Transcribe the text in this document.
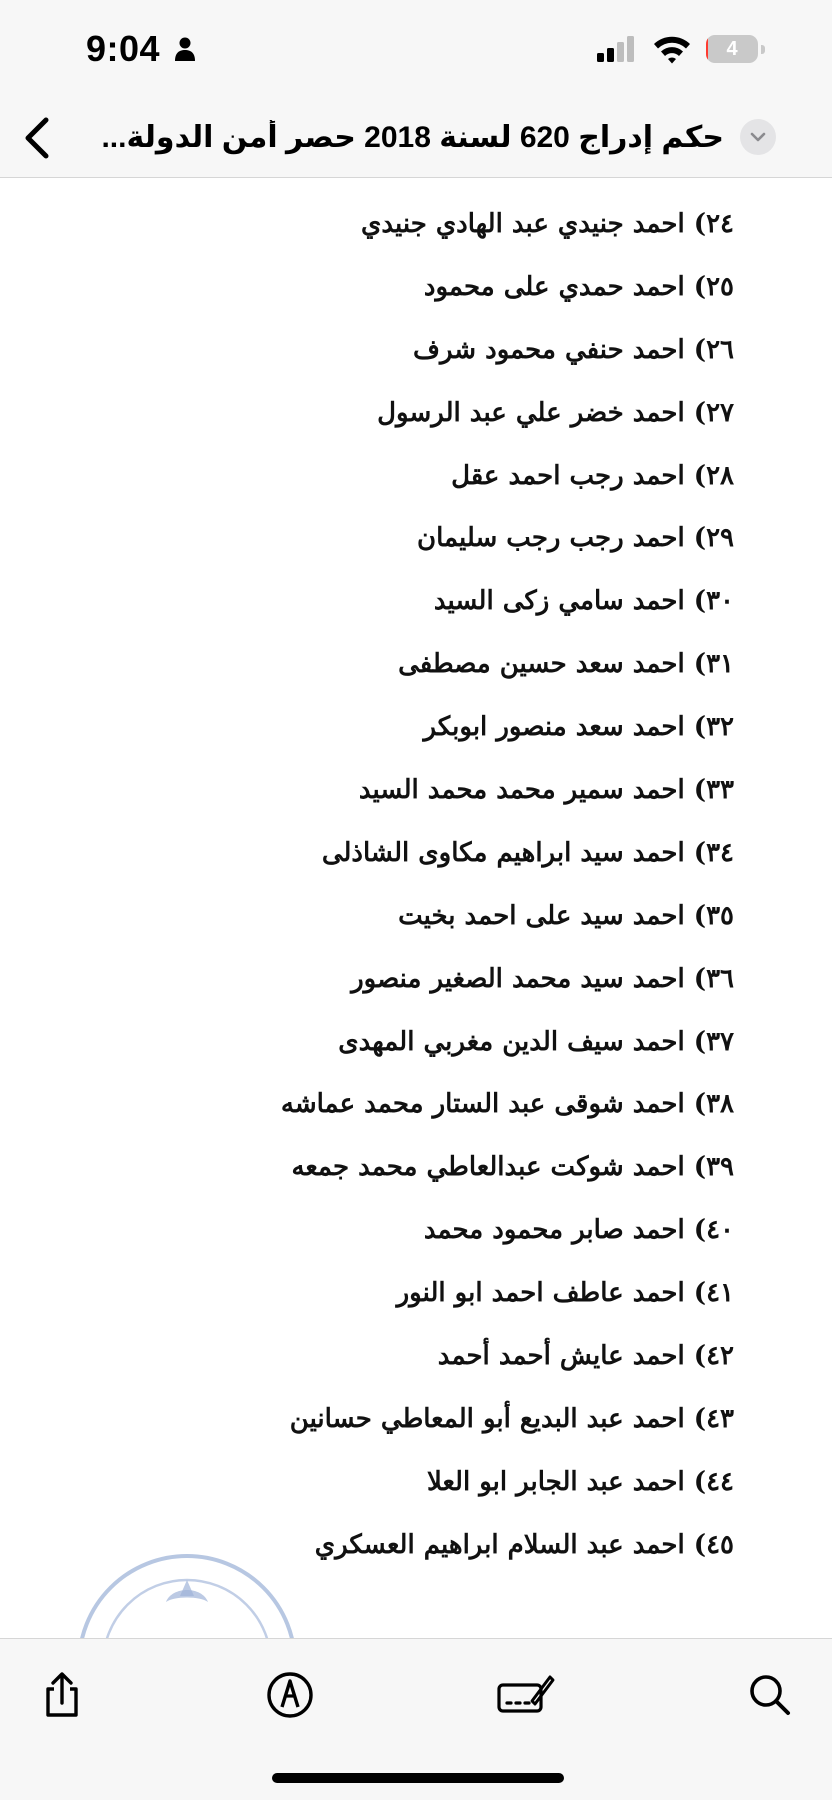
9:04	4
حكم إدراج 620 لسنة 2018 حصر أمن الدولة...
٢٤) احمد جنيدي عبد الهادي جنيدي
٢٥) احمد حمدي على محمود
٢٦) احمد حنفي محمود شرف
٢٧) احمد خضر علي عبد الرسول
٢٨) احمد رجب احمد عقل
٢٩) احمد رجب رجب سليمان
٣٠) احمد سامي زكى السيد
٣١) احمد سعد حسين مصطفى
٣٢) احمد سعد منصور ابوبكر
٣٣) احمد سمير محمد محمد السيد
٣٤) احمد سيد ابراهيم مكاوى الشاذلى
٣٥) احمد سيد على احمد بخيت
٣٦) احمد سيد محمد الصغير منصور
٣٧) احمد سيف الدين مغربي المهدى
٣٨) احمد شوقى عبد الستار محمد عماشه
٣٩) احمد شوكت عبدالعاطي محمد جمعه
٤٠) احمد صابر محمود محمد
٤١) احمد عاطف احمد ابو النور
٤٢) احمد عايش أحمد أحمد
٤٣) احمد عبد البديع أبو المعاطي حسانين
٤٤) احمد عبد الجابر ابو العلا
٤٥) احمد عبد السلام ابراهيم العسكري
